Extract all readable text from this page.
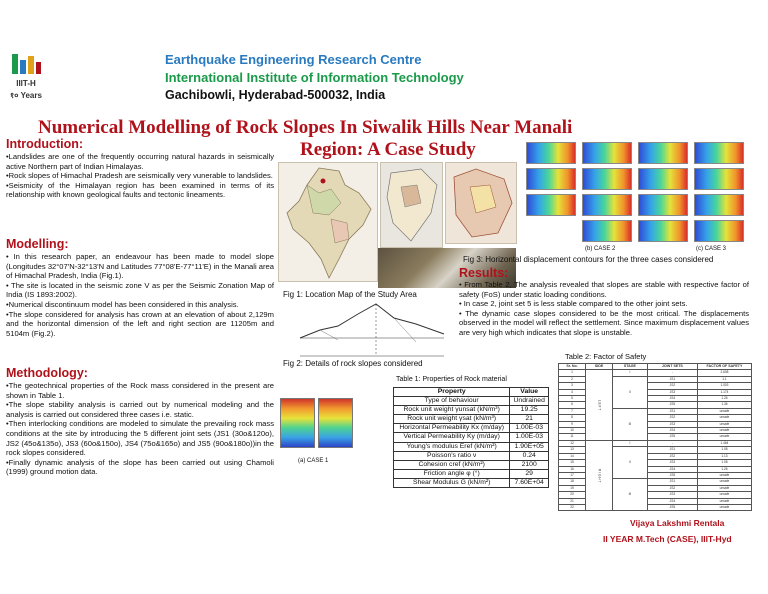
IIIT-H
१० Years
Earthquake Engineering Research Centre
International Institute of Information Technology
Gachibowli, Hyderabad-500032, India
Numerical Modelling of Rock Slopes In Siwalik Hills Near Manali
Region: A Case Study
Introduction:

•Landslides are one of the frequently occurring natural hazards in seismically active Northern part of Indian Himalayas.

•Rock slopes of Himachal Pradesh are seismically very vunerable to landslides.

•Seismicity of the Himalayan region has been examined in terms of its relationship with known geological faults and tectonic lineaments.

Modelling:

• In this research paper, an endeavour has been made to model slope (Longitudes 32°07'N-32°13'N and Latitudes 77°08'E-77°11'E) in the Manali area of Himachal Pradesh, India (Fig.1).

• The site is located in the seismic zone V as per the Seismic Zonation Map of India (IS 1893:2002).

•Numerical discontinuum model has been considered in this analysis.

•The slope considered for analysis has crown at an elevation of about 2,129m and the horizontal dimension of the left and right section are 11205m and 5104m (Fig.2).

Methodology:

•The geotechnical properties of the Rock mass considered in the present are shown in Table 1.

•The slope stability analysis is carried out by numerical modeling and the analysis is carried out considered three cases i.e. static.

•Then interlocking conditions are modeled to simulate the prevailing rock mass conditions at the site by introducing the 5 different joint sets (JS1 (30o&120o), JS2 (45o&135o), JS3 (60o&150o), JS4 (75o&165o) and JS5 (90o&180o))in the rock slopes considered.

•Finally dynamic analysis of the slope has been carried out using Chamoli (1999) ground motion data.

Fig 1: Location Map of the Study Area
Fig 2: Details of rock slopes considered
(b) CASE 2	(c) CASE 3
Fig 3: Horizontal displacement contours for the three cases considered
(a) CASE 1
Results:

• From Table 2, The analysis revealed that slopes are stable with respective factor of safety (FoS) under static loading conditions.

• In case 2, joint set 5 is less stable compared to the other joint sets.

• The dynamic case slopes considered to be the most critical. The displacements observed in the model will reflect the settlement. Since maximum displacement values are very high which indicates that slope is unstable.

Table 1: Properties of Rock material
Property	Value
Type of behaviour	Undrained
Rock unit weight γunsat (kN/m³)	19.25
Rock unit weight γsat (kN/m³)	21
Horizontal Permeability Kx (m/day)	1.00E-03
Vertical Permeability Ky (m/day)	1.00E-03
Young's modulus Eref (kN/m²)	1.90E+05
Poisson's ratio ν	0.24
Cohesion cref (kN/m²)	2100
Friction angle φ (°)	29
Shear Modulus G (kN/m²)	7.60E+04
Table 2: Factor of Safety
Sr. No.	SIDE	STAGE	JOINT SETS	FACTOR OF SAFETY
1	L E F T	I	-	2.608
2		II	JS1	1.1
3			JS2	1.003
4			JS3	1.174
5			JS4	1.26
6			JS5	1.36
7		III	JS1	unsafe
8			JS2	unsafe
9			JS3	unsafe
10			JS4	unsafe
11			JS5	unsafe
12	R I G H T	I	-	1.464
13		II	JS1	1.08
14			JS2	1.13
15			JS3	1.08
16			JS4	1.26
17			JS5	unsafe
18		III	JS1	unsafe
19			JS2	unsafe
20			JS3	unsafe
21			JS4	unsafe
22			JS5	unsafe
Vijaya Lakshmi Rentala
II YEAR M.Tech (CASE), IIIT-Hyd
